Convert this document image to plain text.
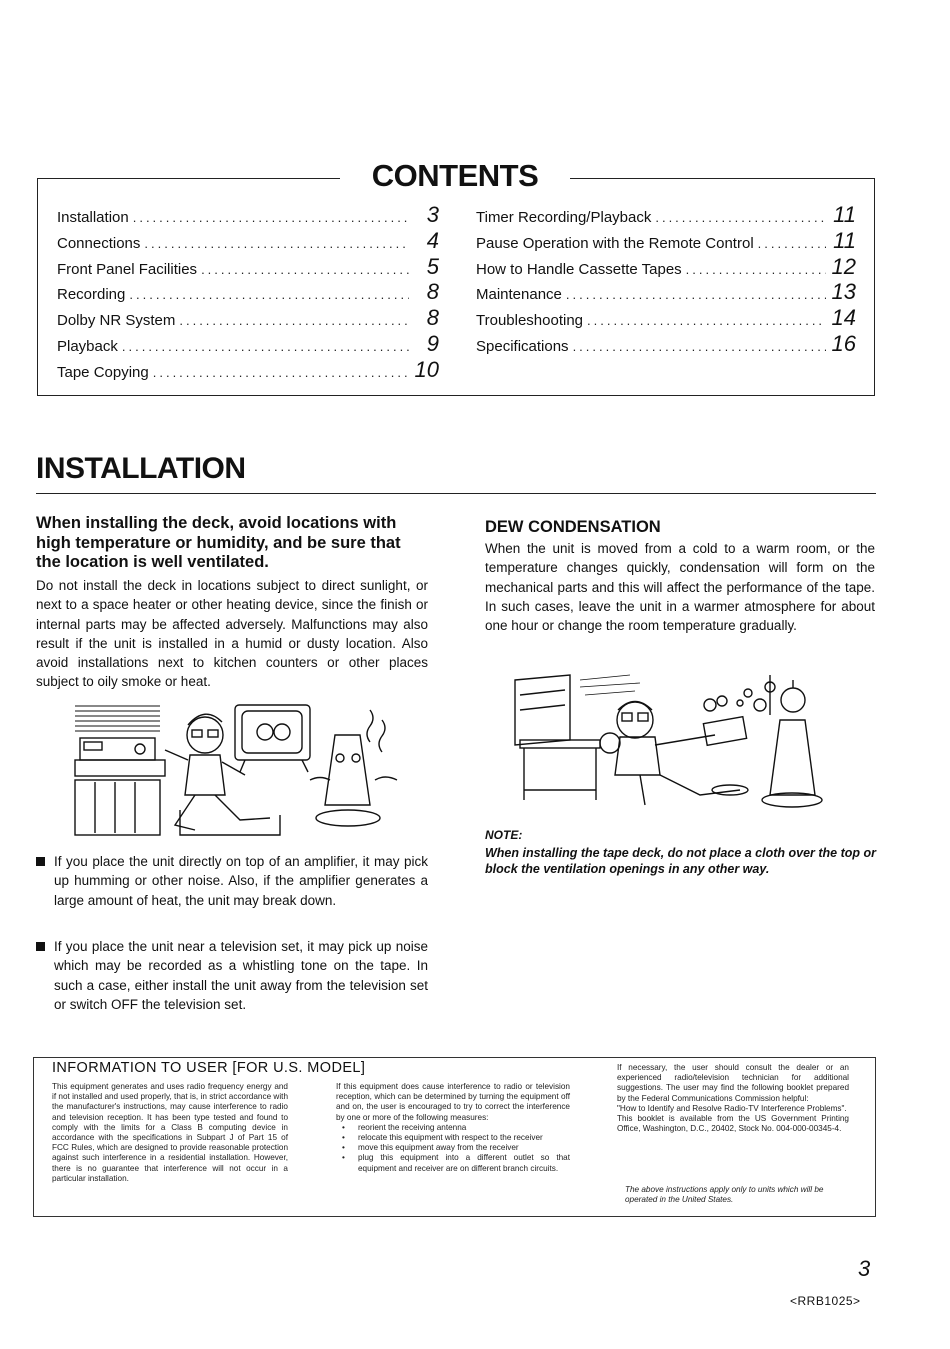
CONTENTS
Installation .....	3
Connections .....	4
Front Panel Facilities .....	5
Recording .....	8
Dolby NR System .....	8
Playback .....	9
Tape Copying .....	10
Timer Recording/Playback .....	11
Pause Operation with the Remote Control .....	11
How to Handle Cassette Tapes .....	12
Maintenance .....	13
Troubleshooting .....	14
Specifications .....	16
INSTALLATION
When installing the deck, avoid locations with high temperature or humidity, and be sure that the location is well ventilated.
Do not install the deck in locations subject to direct sunlight, or next to a space heater or other heating device, since the finish or internal parts may be affected adversely. Malfunctions may also result if the unit is installed in a humid or dusty location. Also avoid installations next to kitchen counters or other places subject to oily smoke or heat.
If you place the unit directly on top of an amplifier, it may pick up humming or other noise. Also, if the amplifier generates a large amount of heat, the unit may break down.
If you place the unit near a television set, it may pick up noise which may be recorded as a whistling tone on the tape. In such a case, either install the unit away from the television set or switch OFF the television set.
DEW CONDENSATION
When the unit is moved from a cold to a warm room, or the temperature changes quickly, condensation will form on the mechanical parts and this will affect the performance of the tape. In such cases, leave the unit in a warmer atmosphere for about one hour or change the room temperature gradually.
NOTE:
When installing the tape deck, do not place a cloth over the top or block the ventilation openings in any other way.
INFORMATION TO USER [FOR U.S. MODEL]

This equipment generates and uses radio frequency energy and if not installed and used properly, that is, in strict accordance with the manufacturer's instructions, may cause interference to radio and television reception. It has been type tested and found to comply with the limits for a Class B computing device in accordance with the specifications in Subpart J of Part 15 of FCC Rules, which are designed to provide reasonable protection against such interference in a residential installation. However, there is no guarantee that interference will not occur in a particular installation.

If this equipment does cause interference to radio or television reception, which can be determined by turning the equipment off and on, the user is encouraged to try to correct the interference by one or more of the following measures:

• reorient the receiving antenna
• relocate this equipment with respect to the receiver
• move this equipment away from the receiver
• plug this equipment into a different outlet so that equipment and receiver are on different branch circuits.

If necessary, the user should consult the dealer or an experienced radio/television technician for additional suggestions. The user may find the following booklet prepared by the Federal Communications Commission helpful:

"How to Identify and Resolve Radio-TV Interference Problems".

This booklet is available from the US Government Printing Office, Washington, D.C., 20402, Stock No. 004-000-00345-4.

The above instructions apply only to units which will be operated in the United States.
3
<RRB1025>
